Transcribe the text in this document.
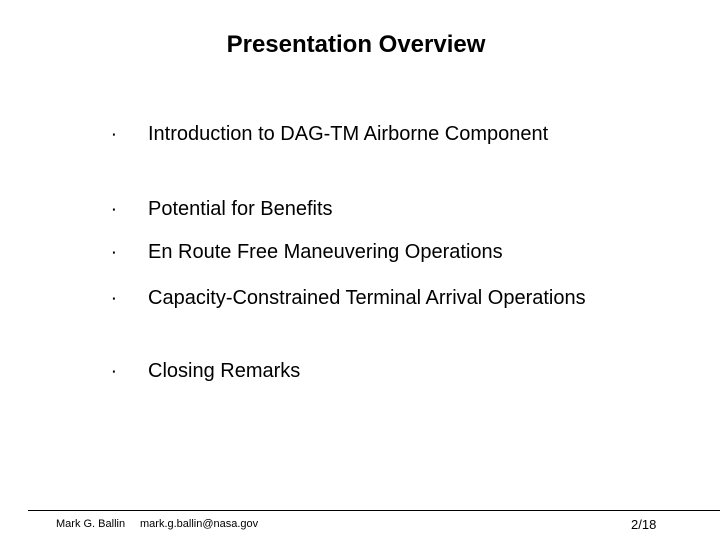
Presentation Overview
∙	Introduction to DAG-TM Airborne Component
∙	Potential for Benefits
∙	En Route Free Maneuvering Operations
∙	Capacity-Constrained Terminal Arrival Operations
∙	Closing Remarks
Mark G. Ballin mark.g.ballin@nasa.gov	2/18
